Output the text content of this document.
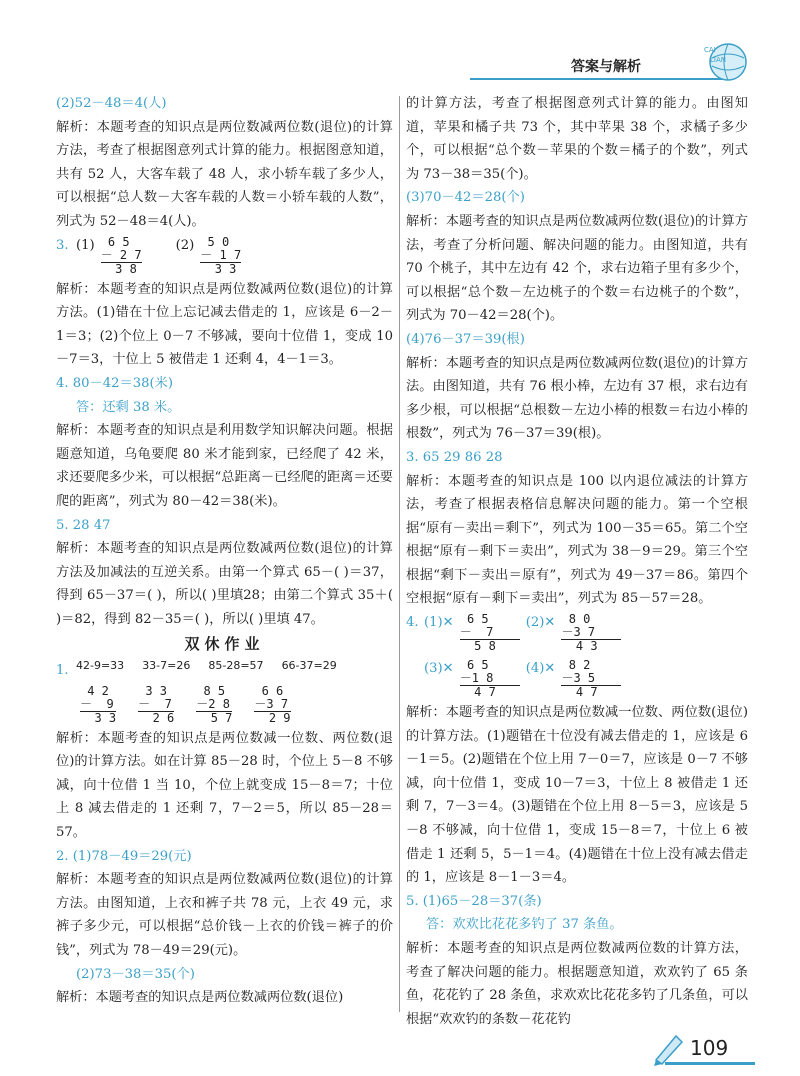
答案与解析
CAI
LIAN

(2)52－48＝4(人)

解析：本题考查的知识点是两位数减两位数(退位)的计算方法，考查了根据图意列式计算的能力。根据图意知道，共有 52 人，大客车载了 48 人，求小轿车载了多少人，可以根据“总人数－大客车载的人数＝小轿车载的人数”，列式为 52－48＝4(人)。

3. (1) 6 5
－ 2 7
3 8
(2) 5 0
－ 1 7
3 3

解析：本题考查的知识点是两位数减两位数(退位)的计算方法。(1)错在十位上忘记减去借走的 1，应该是 6－2－1＝3；(2)个位上 0－7 不够减，要向十位借 1，变成 10－7＝3，十位上 5 被借走 1 还剩 4，4－1＝3。

4. 80－42＝38(米)

答：还剩 38 米。

解析：本题考查的知识点是利用数学知识解决问题。根据题意知道，乌龟要爬 80 米才能到家，已经爬了 42 米，求还要爬多少米，可以根据“总距离－已经爬的距离＝还要爬的距离”，列式为 80－42＝38(米)。

5. 28 47

解析：本题考查的知识点是两位数减两位数(退位)的计算方法及加减法的互逆关系。由第一个算式 65－( )＝37，得到 65－37＝( )，所以( )里填28；由第二个算式 35＋( )＝82，得到 82－35＝( )，所以( )里填 47。

双休作业
1. 42-9=33 33-7=26 85-28=57 66-37=29
4 2
－  9
3 3
3 3
－  7
2 6
8 5
－2 8
5 7
6 6
－3 7
2 9

解析：本题考查的知识点是两位数减一位数、两位数(退位)的计算方法。如在计算 85－28 时，个位上 5－8 不够减，向十位借 1 当 10，个位上就变成 15－8＝7；十位上 8 减去借走的 1 还剩 7，7－2＝5，所以 85－28＝57。

2. (1)78－49＝29(元)

解析：本题考查的知识点是两位数减两位数(退位)的计算方法。由图知道，上衣和裤子共 78 元，上衣 49 元，求裤子多少元，可以根据“总价钱－上衣的价钱＝裤子的价钱”，列式为 78－49＝29(元)。

(2)73－38＝35(个)

解析：本题考查的知识点是两位数减两位数(退位)

的计算方法，考查了根据图意列式计算的能力。由图知道，苹果和橘子共 73 个，其中苹果 38 个，求橘子多少个，可以根据“总个数－苹果的个数＝橘子的个数”，列式为 73－38＝35(个)。

(3)70－42＝28(个)

解析：本题考查的知识点是两位数减两位数(退位)的计算方法，考查了分析问题、解决问题的能力。由图知道，共有 70 个桃子，其中左边有 42 个，求右边箱子里有多少个，可以根据“总个数－左边桃子的个数＝右边桃子的个数”，列式为 70－42＝28(个)。

(4)76－37＝39(根)

解析：本题考查的知识点是两位数减两位数(退位)的计算方法。由图知道，共有 76 根小棒，左边有 37 根，求右边有多少根，可以根据“总根数－左边小棒的根数＝右边小棒的根数”，列式为 76－37＝39(根)。

3. 65 29 86 28

解析：本题考查的知识点是 100 以内退位减法的计算方法，考查了根据表格信息解决问题的能力。第一个空根据“原有－卖出＝剩下”，列式为 100－35＝65。第二个空根据“原有－剩下＝卖出”，列式为 38－9＝29。第三个空根据“剩下－卖出＝原有”，列式为 49－37＝86。第四个空根据“原有－剩下＝卖出”，列式为 85－57＝28。

4. (1)✕ 6 5
－  7
5 8
(2)✕ 8 0
－3 7
4 3
(3)✕ 6 5
－1 8
4 7
(4)✕ 8 2
－3 5
4 7

解析：本题考查的知识点是两位数减一位数、两位数(退位)的计算方法。(1)题错在十位没有减去借走的 1，应该是 6－1＝5。(2)题错在个位上用 7－0＝7，应该是 0－7 不够减，向十位借 1，变成 10－7＝3，十位上 8 被借走 1 还剩 7，7－3＝4。(3)题错在个位上用 8－5＝3，应该是 5－8 不够减，向十位借 1，变成 15－8＝7，十位上 6 被借走 1 还剩 5，5－1＝4。(4)题错在十位上没有减去借走的 1，应该是 8－1－3＝4。

5. (1)65－28＝37(条)

答：欢欢比花花多钓了 37 条鱼。

解析：本题考查的知识点是两位数减两位数的计算方法，考查了解决问题的能力。根据题意知道，欢欢钓了 65 条鱼，花花钓了 28 条鱼，求欢欢比花花多钓了几条鱼，可以根据“欢欢钓的条数－花花钓

109
